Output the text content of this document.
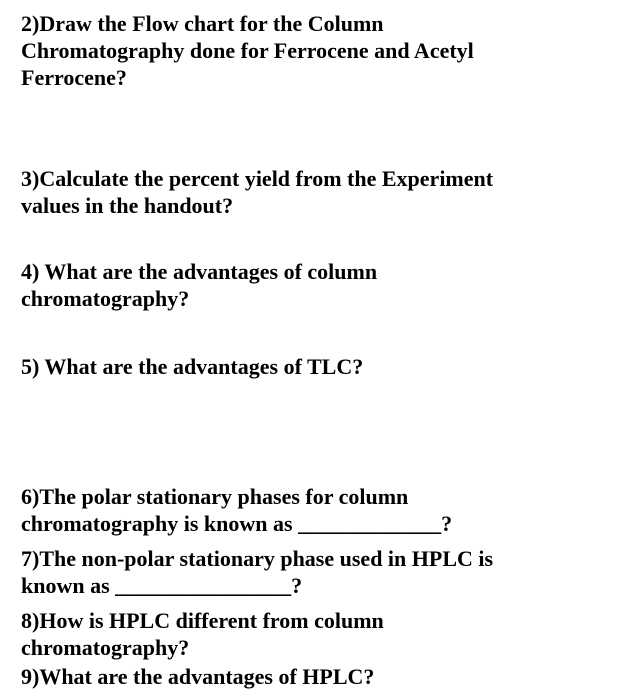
2)Draw the Flow chart for the Column
Chromatography done for Ferrocene and Acetyl
Ferrocene?
3)Calculate the percent yield from the Experiment
values in the handout?
4) What are the advantages of column
chromatography?
5) What are the advantages of TLC?
6)The polar stationary phases for column
chromatography is known as _____________?
7)The non-polar stationary phase used in HPLC is
known as ________________?
8)How is HPLC different from column
chromatography?
9)What are the advantages of HPLC?
